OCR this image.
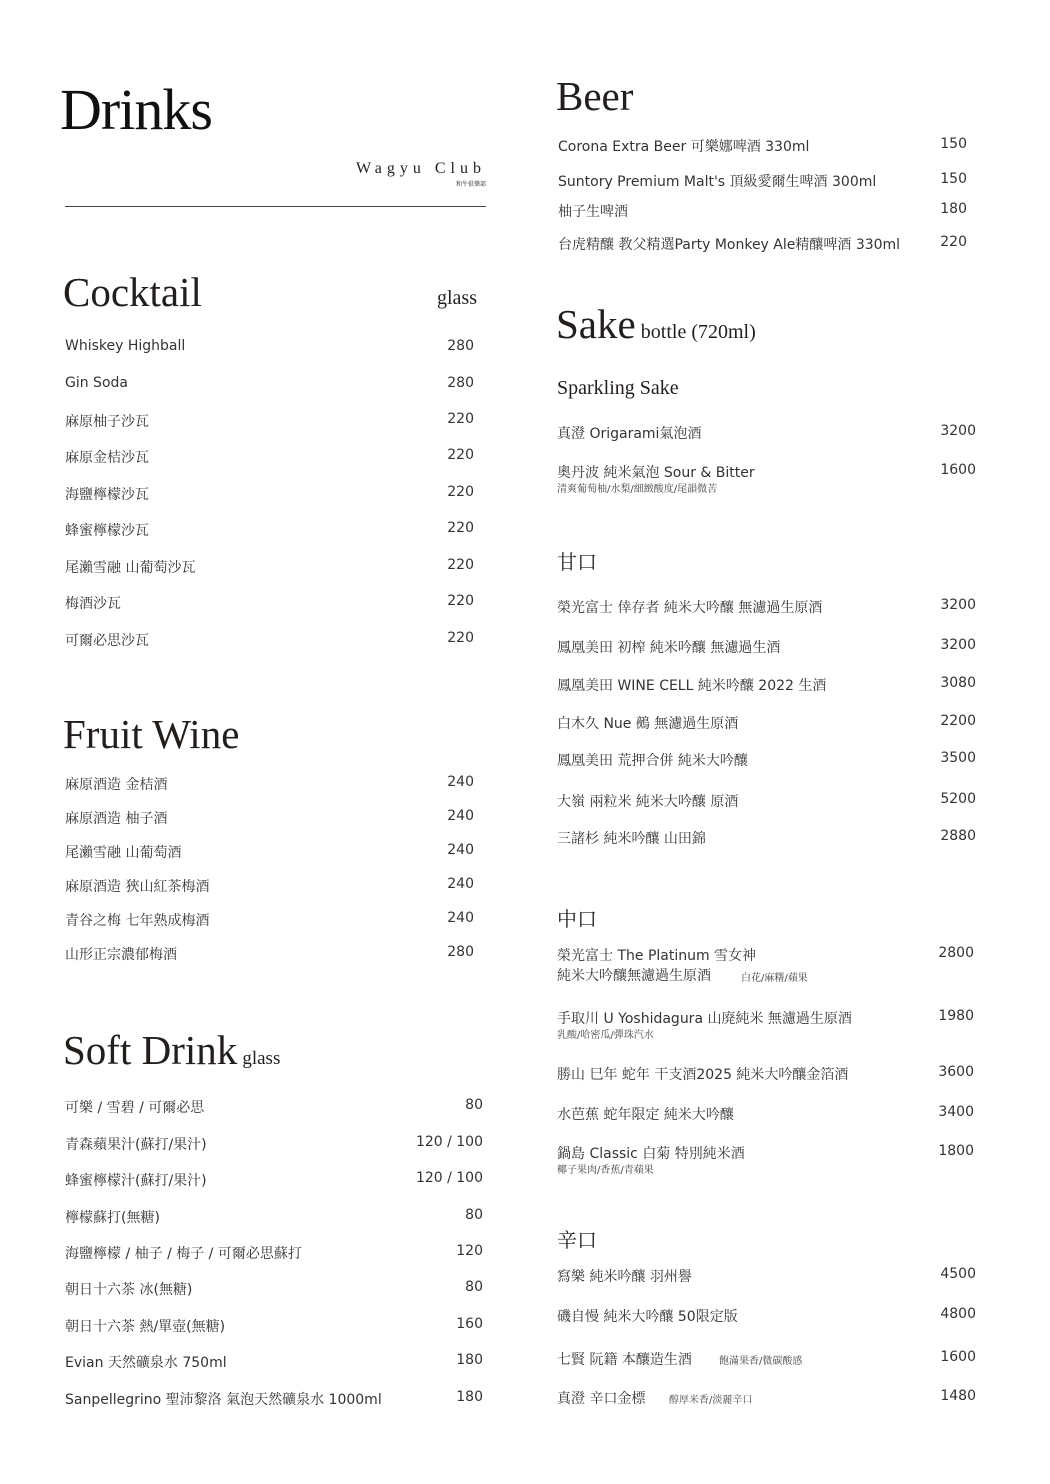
Drinks
Wagyu Club
和牛俱樂部
Cocktail	glass
Whiskey Highball	280
Gin Soda	280
麻原柚子沙瓦	220
麻原金桔沙瓦	220
海鹽檸檬沙瓦	220
蜂蜜檸檬沙瓦	220
尾瀨雪融 山葡萄沙瓦	220
梅酒沙瓦	220
可爾必思沙瓦	220
Fruit Wine
麻原酒造 金桔酒	240
麻原酒造 柚子酒	240
尾瀨雪融 山葡萄酒	240
麻原酒造 狹山紅茶梅酒	240
青谷之梅 七年熟成梅酒	240
山形正宗濃郁梅酒	280
Soft Drink glass
可樂 / 雪碧 / 可爾必思	80
青森蘋果汁(蘇打/果汁)	120 / 100
蜂蜜檸檬汁(蘇打/果汁)	120 / 100
檸檬蘇打(無糖)	80
海鹽檸檬 / 柚子 / 梅子 / 可爾必思蘇打	120
朝日十六茶 冰(無糖)	80
朝日十六茶 熱/單壺(無糖)	160
Evian 天然礦泉水 750ml	180
Sanpellegrino 聖沛黎洛 氣泡天然礦泉水 1000ml	180
Beer
Corona Extra Beer 可樂娜啤酒 330ml	150
Suntory Premium Malt's 頂級愛爾生啤酒 300ml	150
柚子生啤酒	180
台虎精釀 教父精選Party Monkey Ale精釀啤酒 330ml	220
Sake bottle (720ml)
Sparkling Sake
真澄 Origarami氣泡酒	3200
奧丹波 純米氣泡 Sour & Bitter	1600
清爽葡萄柚/水梨/細緻酸度/尾韻微苦
甘口
榮光富士 倖存者 純米大吟釀 無濾過生原酒	3200
鳳凰美田 初榨 純米吟釀 無濾過生酒	3200
鳳凰美田 WINE CELL 純米吟釀 2022 生酒	3080
白木久 Nue 鵺 無濾過生原酒	2200
鳳凰美田 荒押合併 純米大吟釀	3500
大嶺 兩粒米 純米大吟釀 原酒	5200
三諸杉 純米吟釀 山田錦	2880
中口
榮光富士 The Platinum 雪女神	2800
純米大吟釀無濾過生原酒	白花/麻糬/蘋果
手取川 U Yoshidagura 山廃純米 無濾過生原酒	1980
乳酸/哈密瓜/彈珠汽水
勝山 巳年 蛇年 干支酒2025 純米大吟釀金箔酒	3600
水芭蕉 蛇年限定 純米大吟釀	3400
鍋島 Classic 白菊 特別純米酒	1800
椰子果肉/香蕉/青蘋果
辛口
寫樂 純米吟釀 羽州譽	4500
磯自慢 純米大吟釀 50限定版	4800
七賢 阮籍 本釀造生酒	1600
飽滿果香/微碳酸感
真澄 辛口金標	1480
醇厚米香/淡麗辛口
